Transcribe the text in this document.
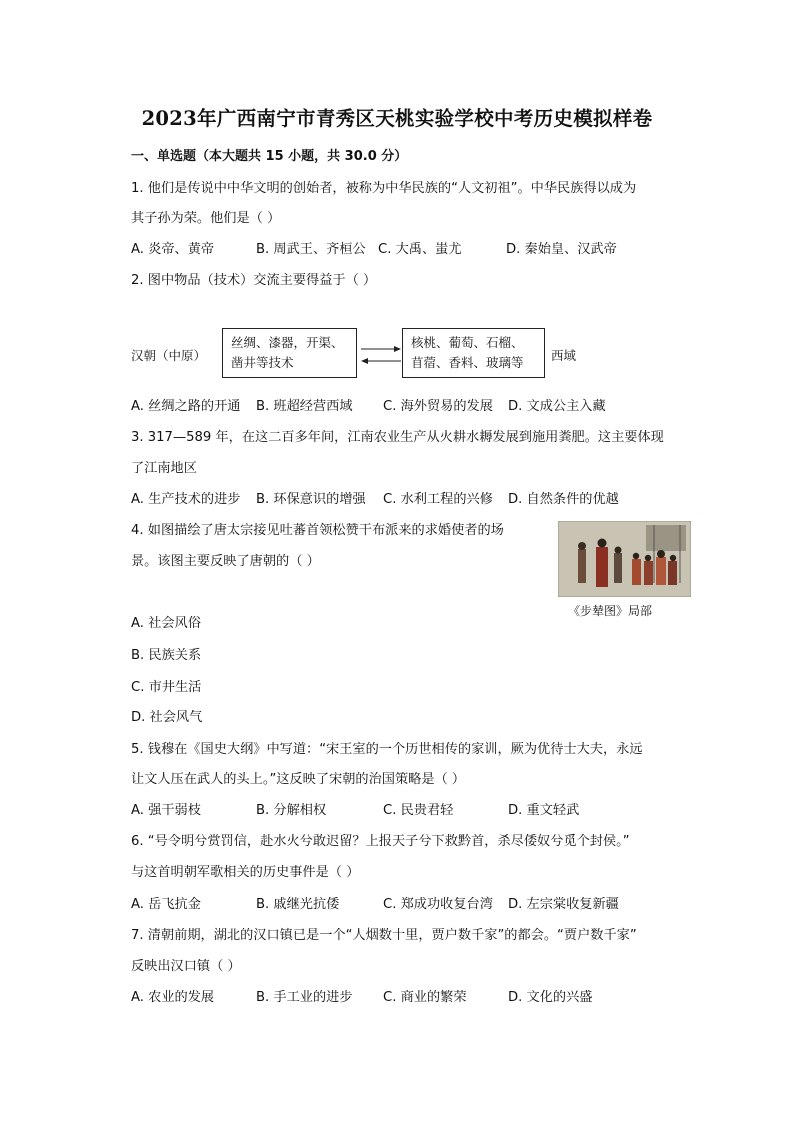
2023年广西南宁市青秀区天桃实验学校中考历史模拟样卷
一、单选题（本大题共 15 小题，共 30.0 分）
1. 他们是传说中中华文明的创始者，被称为中华民族的“人文初祖”。中华民族得以成为
其子孙为荣。他们是（ ）
A. 炎帝、黄帝	B. 周武王、齐桓公 C. 大禹、蚩尤	D. 秦始皇、汉武帝
2. 图中物品（技术）交流主要得益于（ ）
汉朝（中原）
丝绸、漆器，开渠、
凿井等技术
核桃、葡萄、石榴、
苜蓿、香料、玻璃等	西域
A. 丝绸之路的开通 B. 班超经营西域 C. 海外贸易的发展 D. 文成公主入藏
3. 317—589 年，在这二百多年间，江南农业生产从火耕水耨发展到施用粪肥。这主要体现
了江南地区
A. 生产技术的进步 B. 环保意识的增强 C. 水利工程的兴修 D. 自然条件的优越
4. 如图描绘了唐太宗接见吐蕃首领松赞干布派来的求婚使者的场
景。该图主要反映了唐朝的（ ）
《步辇图》局部
A. 社会风俗
B. 民族关系
C. 市井生活
D. 社会风气
5. 钱穆在《国史大纲》中写道：“宋王室的一个历世相传的家训，厥为优待士大夫，永远
让文人压在武人的头上。”这反映了宋朝的治国策略是（ ）
A. 强干弱枝	B. 分解相权	C. 民贵君轻	D. 重文轻武
6. “号令明兮赏罚信，赴水火兮敢迟留？上报天子兮下救黔首，杀尽倭奴兮觅个封侯。”
与这首明朝军歌相关的历史事件是（ ）
A. 岳飞抗金	B. 戚继光抗倭	C. 郑成功收复台湾 D. 左宗棠收复新疆
7. 清朝前期，湖北的汉口镇已是一个“人烟数十里，贾户数千家”的都会。“贾户数千家”
反映出汉口镇（ ）
A. 农业的发展	B. 手工业的进步 C. 商业的繁荣	D. 文化的兴盛
